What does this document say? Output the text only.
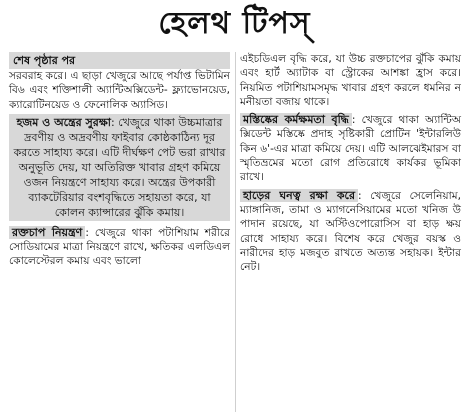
হেলথ টিপস্‌
শেষ পৃষ্ঠার পর

সরবরাহ করে। এ ছাড়া খেজুরে আছে পর্যাপ্ত ভিটামিন বি৬ এবং শক্তিশালী অ্যান্টিঅক্সিডেন্ট- ফ্ল্যাভোনয়েড, ক্যারোটিনয়েড ও ফেনোলিক অ্যাসিড।

হজম ও অন্ত্রের সুরক্ষা: খেজুরে থাকা উচ্চমাত্রার দ্রবণীয় ও অদ্রবণীয় ফাইবার কোষ্ঠকাঠিন্য দূর করতে সাহায্য করে। এটি দীর্ঘক্ষণ পেট ভরা রাখার অনুভূতি দেয়, যা অতিরিক্ত খাবার গ্রহণ কমিয়ে ওজন নিয়ন্ত্রণে সাহায্য করে। অন্ত্রের উপকারী ব্যাকটেরিয়ার বংশবৃদ্ধিতে সহায়তা করে, যা কোলন ক্যান্সারের ঝুঁকি কমায়।

রক্তচাপ নিয়ন্ত্রণ : খেজুরে থাকা পটাশিয়াম শরীরে সোডিয়ামের মাত্রা নিয়ন্ত্রণে রাখে, ক্ষতিকর এলডিএল কোলেস্টেরল কমায় এবং ভালো

এইচডিএল বৃদ্ধি করে, যা উচ্চ রক্তচাপের ঝুঁকি কমায় এবং হার্ট অ্যাটাক বা স্ট্রোকের আশঙ্কা হ্রাস করে। নিয়মিত পটাশিয়ামসমৃদ্ধ খাবার গ্রহণ করলে ধমনির নমনীয়তা বজায় থাকে।

মস্তিষ্কের কর্মক্ষমতা বৃদ্ধি : খেজুরে থাকা অ্যান্টিঅক্সিডেন্ট মস্তিষ্কে প্রদাহ সৃষ্টিকারী প্রোটিন 'ইন্টারলিউকিন ৬'-এর মাত্রা কমিয়ে দেয়। এটি আলঝেইমারস বা স্মৃতিভ্রমের মতো রোগ প্রতিরোধে কার্যকর ভূমিকা রাখে।

হাড়ের ঘনত্ব রক্ষা করে : খেজুরে সেলেনিয়াম, ম্যাঙ্গানিজ, তামা ও ম্যাগনেসিয়ামের মতো খনিজ উপাদান রয়েছে, যা অস্টিওপোরোসিস বা হাড় ক্ষয় রোধে সাহায্য করে। বিশেষ করে খেজুর বয়স্ক ও নারীদের হাড় মজবুত রাখতে অত্যন্ত সহায়ক। ইন্টারনেট।
